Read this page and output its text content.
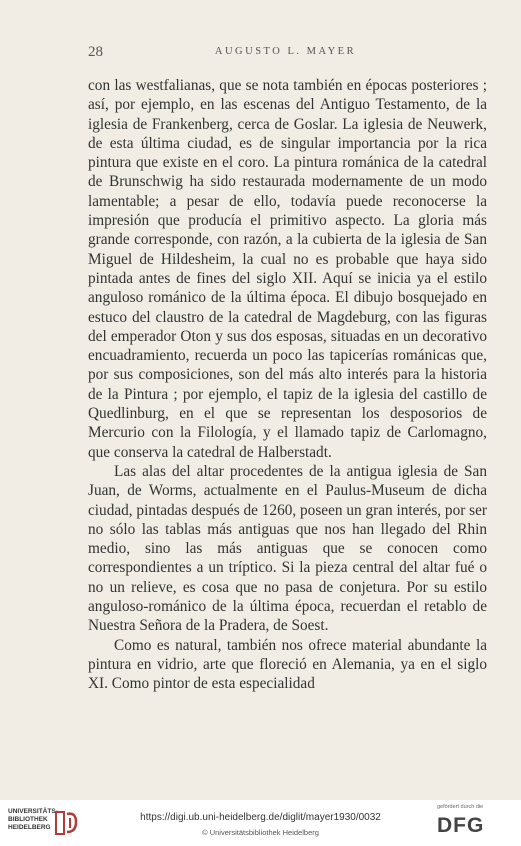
28	AUGUSTO L. MAYER

con las westfalianas, que se nota también en épocas posteriores ; así, por ejemplo, en las escenas del Antiguo Testamento, de la iglesia de Frankenberg, cerca de Goslar. La iglesia de Neuwerk, de esta última ciudad, es de singular importancia por la rica pintura que existe en el coro. La pintura románica de la catedral de Brunschwig ha sido restaurada modernamente de un modo lamentable; a pesar de ello, todavía puede reconocerse la impresión que producía el primitivo aspecto. La gloria más grande corresponde, con razón, a la cubierta de la iglesia de San Miguel de Hildesheim, la cual no es probable que haya sido pintada antes de fines del siglo XII. Aquí se inicia ya el estilo anguloso románico de la última época. El dibujo bosquejado en estuco del claustro de la catedral de Magdeburg, con las figuras del emperador Oton y sus dos esposas, situadas en un decorativo encuadramiento, recuerda un poco las tapicerías románicas que, por sus composiciones, son del más alto interés para la historia de la Pintura ; por ejemplo, el tapiz de la iglesia del castillo de Quedlinburg, en el que se representan los desposorios de Mercurio con la Filología, y el llamado tapiz de Carlomagno, que conserva la catedral de Halberstadt.

Las alas del altar procedentes de la antigua iglesia de San Juan, de Worms, actualmente en el Paulus-Museum de dicha ciudad, pintadas después de 1260, poseen un gran interés, por ser no sólo las tablas más antiguas que nos han llegado del Rhin medio, sino las más antiguas que se conocen como correspondientes a un tríptico. Si la pieza central del altar fué o no un relieve, es cosa que no pasa de conjetura. Por su estilo anguloso-románico de la última época, recuerdan el retablo de Nuestra Señora de la Pradera, de Soest.

Como es natural, también nos ofrece material abundante la pintura en vidrio, arte que floreció en Alemania, ya en el siglo XI. Como pintor de esta especialidad

UNIVERSITÄTS-
BIBLIOTHEK
HEIDELBERG
https://digi.ub.uni-heidelberg.de/diglit/mayer1930/0032
© Universitätsbibliothek Heidelberg
gefördert durch die
DFG
